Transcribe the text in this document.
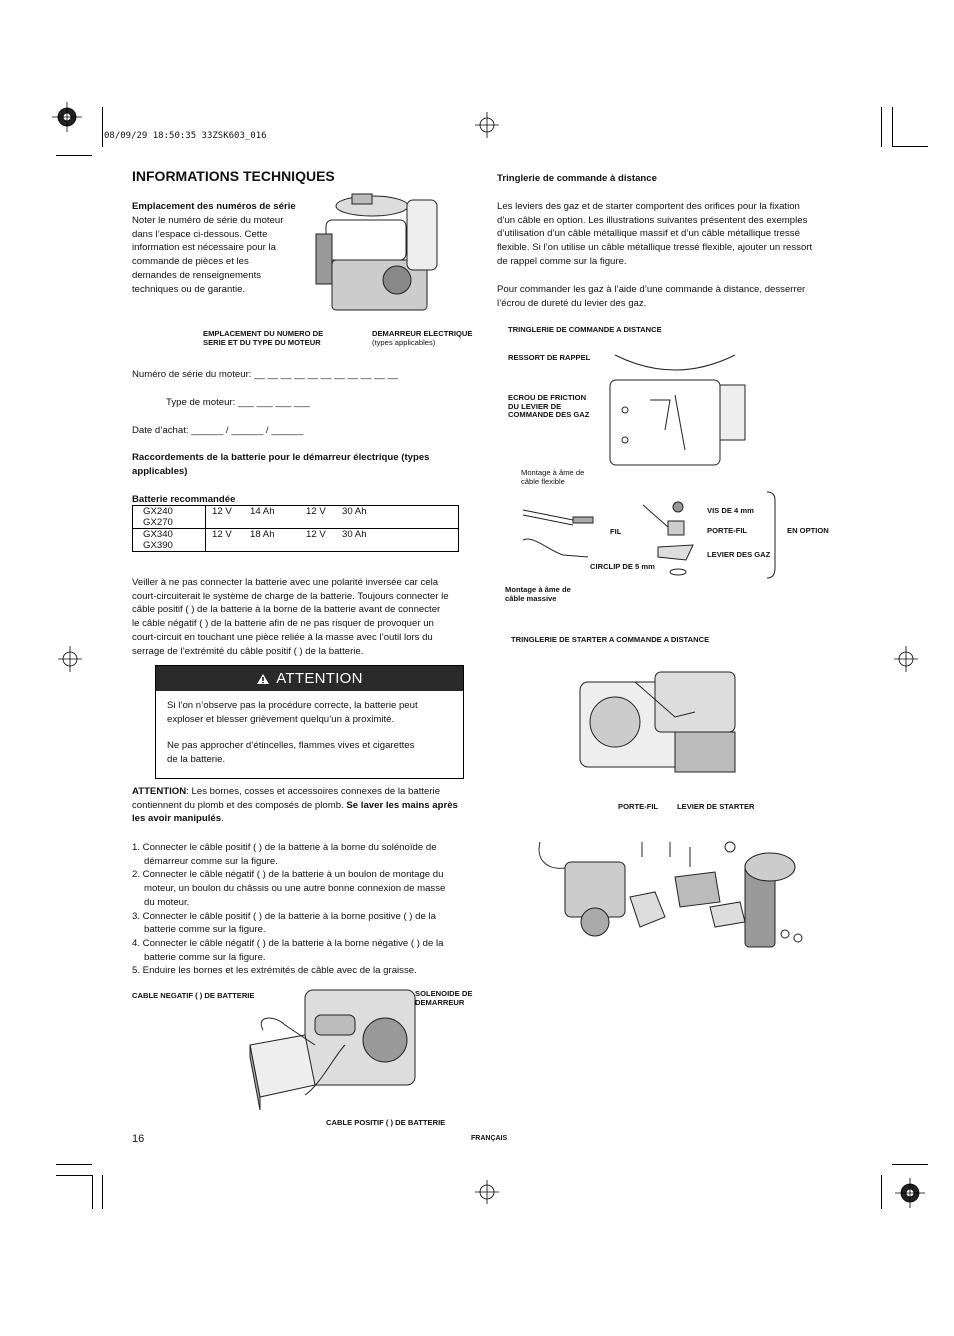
08/09/29 18:50:35 33ZSK603_016
INFORMATIONS TECHNIQUES
Emplacement des numéros de série
Noter le numéro de série du moteur
dans l’espace ci-dessous. Cette
information est nécessaire pour la
commande de pièces et les
demandes de renseignements
techniques ou de garantie.
EMPLACEMENT DU NUMERO DE
SERIE ET DU TYPE DU MOTEUR
DEMARREUR ELECTRIQUE
(types applicables)
Numéro de série du moteur: __ __ __ __ __ __ __ __ __ __ __
Type de moteur: ___ ___ ___ ___
Date d’achat: ______ / ______ / ______
Raccordements de la batterie pour le démarreur électrique (types
applicables)
Batterie recommandée
GX240
GX270	12 V	14 Ah	12 V	30 Ah

GX340
GX390	12 V	18 Ah	12 V	30 Ah
Veiller à ne pas connecter la batterie avec une polarité inversée car cela
court-circuiterait le système de charge de la batterie. Toujours connecter le
câble positif ( ) de la batterie à la borne de la batterie avant de connecter
le câble négatif ( ) de la batterie afin de ne pas risquer de provoquer un
court-circuit en touchant une pièce reliée à la masse avec l’outil lors du
serrage de l’extrémité du câble positif ( ) de la batterie.
ATTENTION
Si l’on n’observe pas la procédure correcte, la batterie peut
exploser et blesser grièvement quelqu’un à proximité.
Ne pas approcher d’étincelles, flammes vives et cigarettes
de la batterie.
ATTENTION: Les bornes, cosses et accessoires connexes de la batterie
contiennent du plomb et des composés de plomb. Se laver les mains après
les avoir manipulés.
1. Connecter le câble positif ( ) de la batterie à la borne du solénoïde de
démarreur comme sur la figure.
2. Connecter le câble négatif ( ) de la batterie à un boulon de montage du
moteur, un boulon du châssis ou une autre bonne connexion de masse
du moteur.
3. Connecter le câble positif ( ) de la batterie à la borne positive ( ) de la
batterie comme sur la figure.
4. Connecter le câble négatif ( ) de la batterie à la borne négative ( ) de la
batterie comme sur la figure.
5. Enduire les bornes et les extrémités de câble avec de la graisse.
CABLE NEGATIF ( ) DE BATTERIE	SOLENOIDE DE
DEMARREUR
CABLE POSITIF ( ) DE BATTERIE
16
Tringlerie de commande à distance
Les leviers des gaz et de starter comportent des orifices pour la fixation
d’un câble en option. Les illustrations suivantes présentent des exemples
d’utilisation d’un câble métallique massif et d’un câble métallique tressé
flexible. Si l’on utilise un câble métallique tressé flexible, ajouter un ressort
de rappel comme sur la figure.
Pour commander les gaz à l’aide d’une commande à distance, desserrer
l’écrou de dureté du levier des gaz.
TRINGLERIE DE COMMANDE A DISTANCE
RESSORT DE RAPPEL
ECROU DE FRICTION
DU LEVIER DE
COMMANDE DES GAZ
Montage à âme de
câble flexible
VIS DE 4 mm
FIL	PORTE-FIL	EN OPTION
LEVIER DES GAZ
CIRCLIP DE 5 mm
Montage à âme de
câble massive
TRINGLERIE DE STARTER A COMMANDE A DISTANCE
PORTE-FIL LEVIER DE STARTER
FRANÇAIS
